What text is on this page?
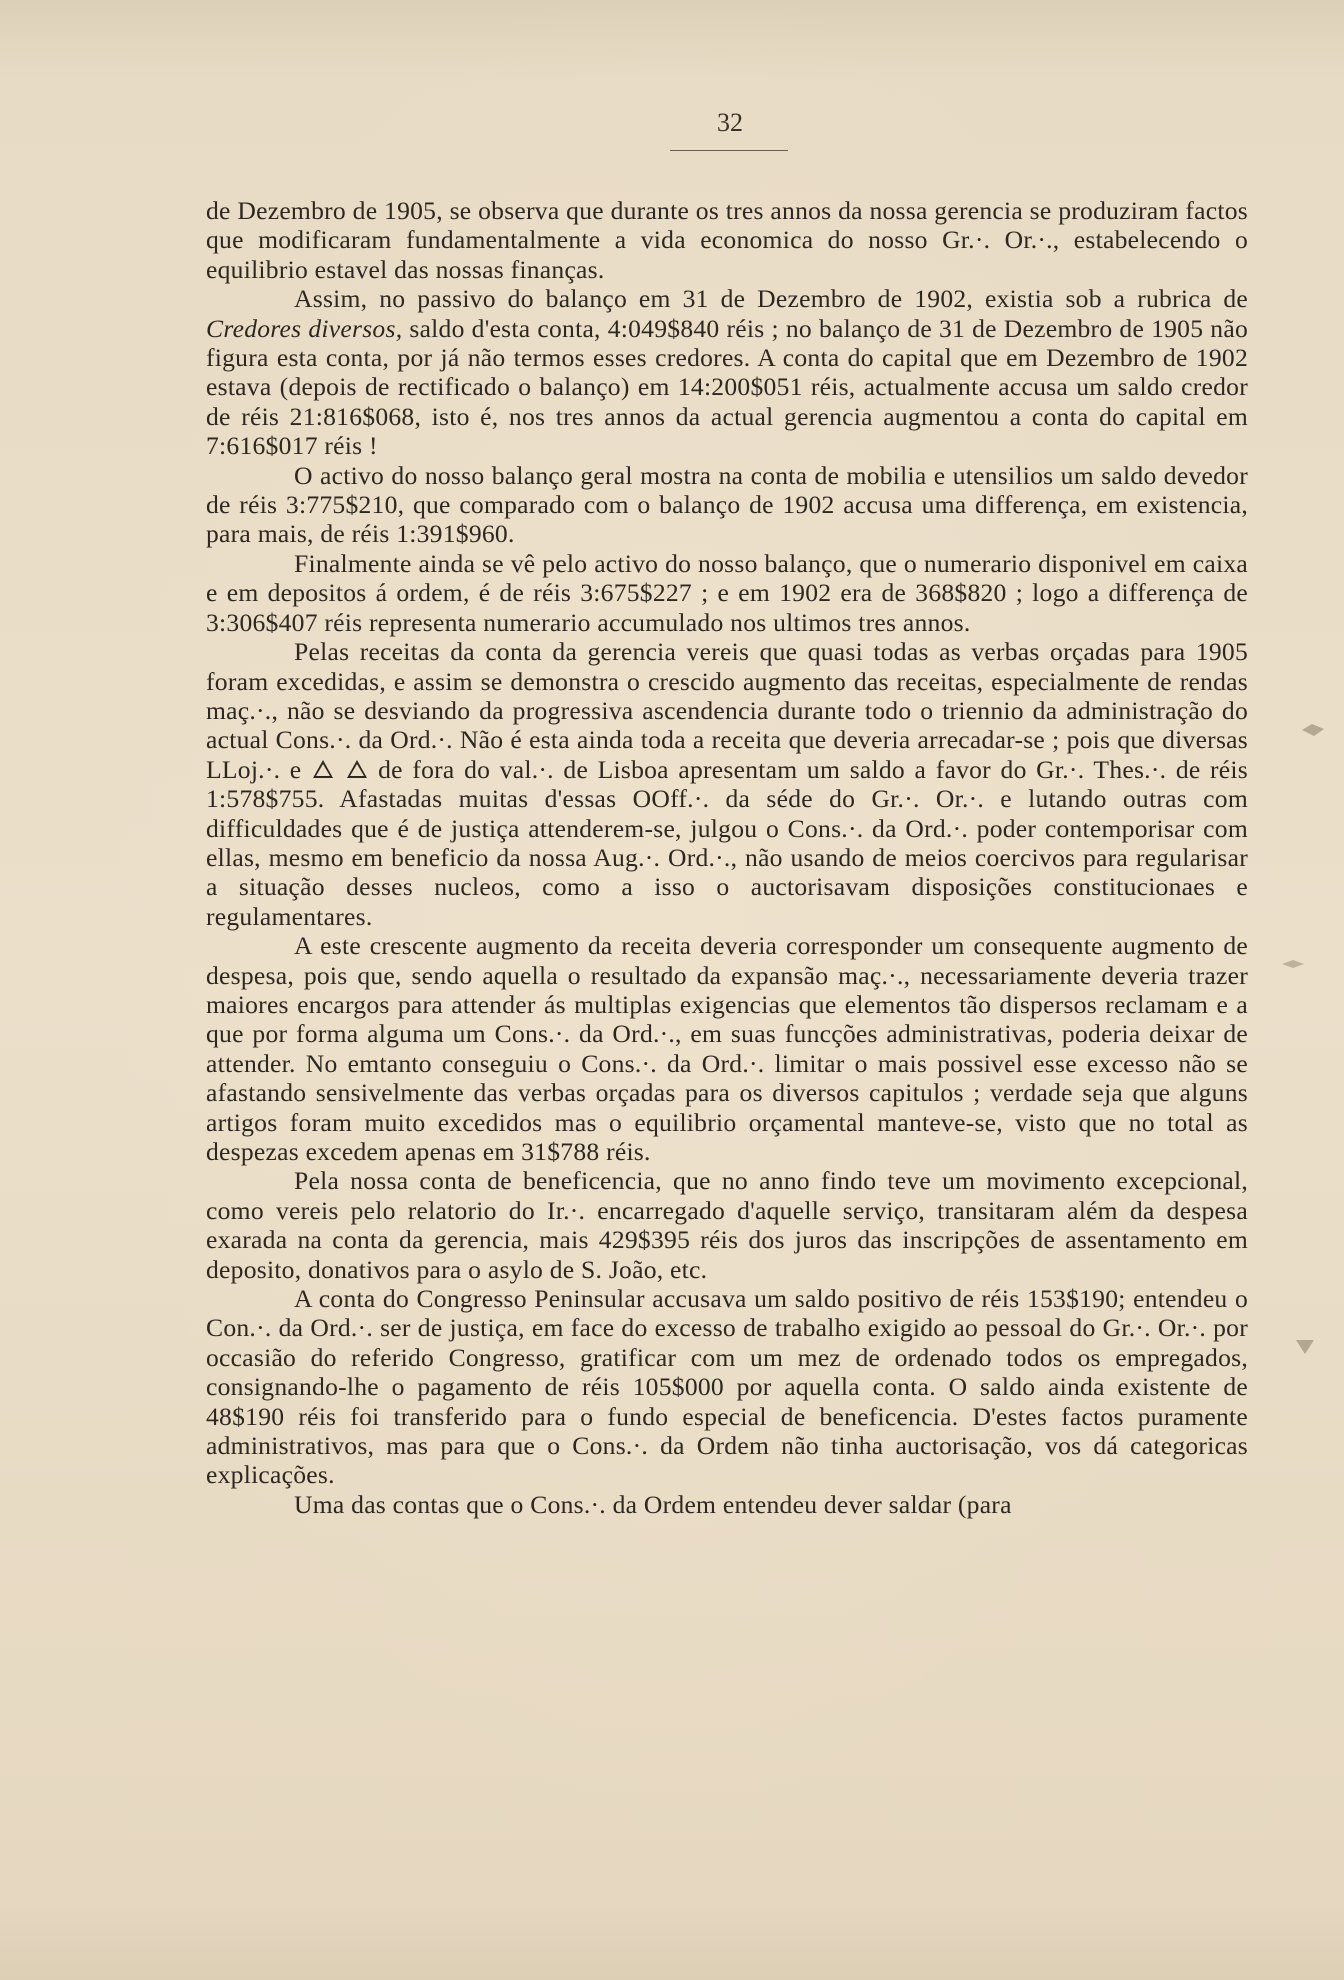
32

de Dezembro de 1905, se observa que durante os tres annos da nossa gerencia se produziram factos que modificaram fundamentalmente a vida economica do nosso Gr.·. Or.·., estabelecendo o equilibrio estavel das nossas finanças.

Assim, no passivo do balanço em 31 de Dezembro de 1902, existia sob a rubrica de Credores diversos, saldo d'esta conta, 4:049$840 réis ; no balanço de 31 de Dezembro de 1905 não figura esta conta, por já não termos esses credores. A conta do capital que em Dezembro de 1902 estava (depois de rectificado o balanço) em 14:200$051 réis, actualmente accusa um saldo credor de réis 21:816$068, isto é, nos tres annos da actual gerencia augmentou a conta do capital em 7:616$017 réis !

O activo do nosso balanço geral mostra na conta de mobilia e utensilios um saldo devedor de réis 3:775$210, que comparado com o balanço de 1902 accusa uma differença, em existencia, para mais, de réis 1:391$960.

Finalmente ainda se vê pelo activo do nosso balanço, que o numerario disponivel em caixa e em depositos á ordem, é de réis 3:675$227 ; e em 1902 era de 368$820 ; logo a differença de 3:306$407 réis representa numerario accumulado nos ultimos tres annos.

Pelas receitas da conta da gerencia vereis que quasi todas as verbas orçadas para 1905 foram excedidas, e assim se demonstra o crescido augmento das receitas, especialmente de rendas maç.·., não se desviando da progressiva ascendencia durante todo o triennio da administração do actual Cons.·. da Ord.·. Não é esta ainda toda a receita que deveria arrecadar-se ; pois que diversas LLoj.·. e   de fora do val.·. de Lisboa apresentam um saldo a favor do Gr.·. Thes.·. de réis 1:578$755. Afastadas muitas d'essas OOff.·. da séde do Gr.·. Or.·. e lutando outras com difficuldades que é de justiça attenderem-se, julgou o Cons.·. da Ord.·. poder contemporisar com ellas, mesmo em beneficio da nossa Aug.·. Ord.·., não usando de meios coercivos para regularisar a situação desses nucleos, como a isso o auctorisavam disposições constitucionaes e regulamentares.

A este crescente augmento da receita deveria corresponder um consequente augmento de despesa, pois que, sendo aquella o resultado da expansão maç.·., necessariamente deveria trazer maiores encargos para attender ás multiplas exigencias que elementos tão dispersos reclamam e a que por forma alguma um Cons.·. da Ord.·., em suas funcções administrativas, poderia deixar de attender. No emtanto conseguiu o Cons.·. da Ord.·. limitar o mais possivel esse excesso não se afastando sensivelmente das verbas orçadas para os diversos capitulos ; verdade seja que alguns artigos foram muito excedidos mas o equilibrio orçamental manteve-se, visto que no total as despezas excedem apenas em 31$788 réis.

Pela nossa conta de beneficencia, que no anno findo teve um movimento excepcional, como vereis pelo relatorio do Ir.·. encarregado d'aquelle serviço, transitaram além da despesa exarada na conta da gerencia, mais 429$395 réis dos juros das inscripções de assentamento em deposito, donativos para o asylo de S. João, etc.

A conta do Congresso Peninsular accusava um saldo positivo de réis 153$190; entendeu o Con.·. da Ord.·. ser de justiça, em face do excesso de trabalho exigido ao pessoal do Gr.·. Or.·. por occasião do referido Congresso, gratificar com um mez de ordenado todos os empregados, consignando-lhe o pagamento de réis 105$000 por aquella conta. O saldo ainda existente de 48$190 réis foi transferido para o fundo especial de beneficencia. D'estes factos puramente administrativos, mas para que o Cons.·. da Ordem não tinha auctorisação, vos dá categoricas explicações.

Uma das contas que o Cons.·. da Ordem entendeu dever saldar (para
